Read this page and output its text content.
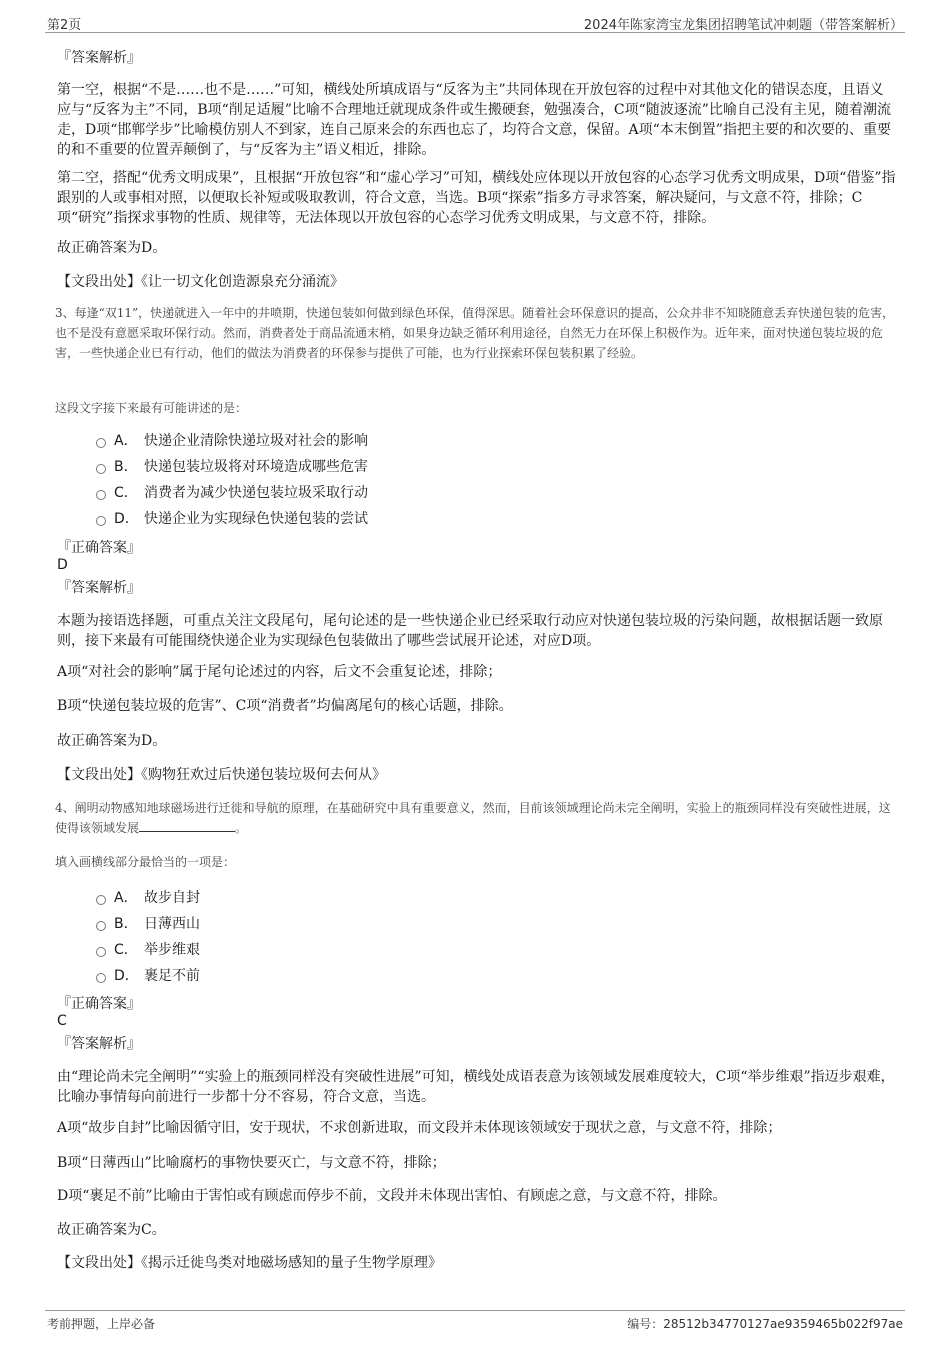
第2页	2024年陈家湾宝龙集团招聘笔试冲刺题（带答案解析）

『答案解析』

第一空，根据“不是……也不是……”可知，横线处所填成语与“反客为主”共同体现在开放包容的过程中对其他文化的错误态度，且语义应与“反客为主”不同，B项“削足适履”比喻不合理地迁就现成条件或生搬硬套，勉强凑合，C项“随波逐流”比喻自己没有主见，随着潮流走，D项“邯郸学步”比喻模仿别人不到家，连自己原来会的东西也忘了，均符合文意，保留。A项“本末倒置”指把主要的和次要的、重要的和不重要的位置弄颠倒了，与“反客为主”语义相近，排除。

第二空，搭配“优秀文明成果”，且根据“开放包容”和“虚心学习”可知，横线处应体现以开放包容的心态学习优秀文明成果，D项“借鉴”指跟别的人或事相对照，以便取长补短或吸取教训，符合文意，当选。B项“探索”指多方寻求答案，解决疑问，与文意不符，排除；C项“研究”指探求事物的性质、规律等，无法体现以开放包容的心态学习优秀文明成果，与文意不符，排除。

故正确答案为D。

【文段出处】《让一切文化创造源泉充分涌流》

3、每逢“双11”，快递就进入一年中的井喷期，快递包装如何做到绿色环保，值得深思。随着社会环保意识的提高，公众并非不知晓随意丢弃快递包装的危害，也不是没有意愿采取环保行动。然而，消费者处于商品流通末梢，如果身边缺乏循环利用途径，自然无力在环保上积极作为。近年来，面对快递包装垃圾的危害，一些快递企业已有行动，他们的做法为消费者的环保参与提供了可能，也为行业探索环保包装积累了经验。

这段文字接下来最有可能讲述的是：

A． 快递企业清除快递垃圾对社会的影响
B． 快递包装垃圾将对环境造成哪些危害
C． 消费者为减少快递包装垃圾采取行动
D． 快递企业为实现绿色快递包装的尝试

『正确答案』

D

『答案解析』

本题为接语选择题，可重点关注文段尾句，尾句论述的是一些快递企业已经采取行动应对快递包装垃圾的污染问题，故根据话题一致原则，接下来最有可能围绕快递企业为实现绿色包装做出了哪些尝试展开论述，对应D项。

A项“对社会的影响”属于尾句论述过的内容，后文不会重复论述，排除；

B项“快递包装垃圾的危害”、C项“消费者”均偏离尾句的核心话题，排除。

故正确答案为D。

【文段出处】《购物狂欢过后快递包装垃圾何去何从》

4、阐明动物感知地球磁场进行迁徙和导航的原理，在基础研究中具有重要意义，然而，目前该领域理论尚未完全阐明，实验上的瓶颈同样没有突破性进展，这使得该领域发展	。

填入画横线部分最恰当的一项是：

A． 故步自封
B． 日薄西山
C． 举步维艰
D． 裹足不前

『正确答案』

C

『答案解析』

由“理论尚未完全阐明”“实验上的瓶颈同样没有突破性进展”可知，横线处成语表意为该领域发展难度较大，C项“举步维艰”指迈步艰难，比喻办事情每向前进行一步都十分不容易，符合文意，当选。

A项“故步自封”比喻因循守旧，安于现状，不求创新进取，而文段并未体现该领域安于现状之意，与文意不符，排除；

B项“日薄西山”比喻腐朽的事物快要灭亡，与文意不符，排除；

D项“裹足不前”比喻由于害怕或有顾虑而停步不前，文段并未体现出害怕、有顾虑之意，与文意不符，排除。

故正确答案为C。

【文段出处】《揭示迁徙鸟类对地磁场感知的量子生物学原理》

考前押题，上岸必备	编号：28512b34770127ae9359465b022f97ae
